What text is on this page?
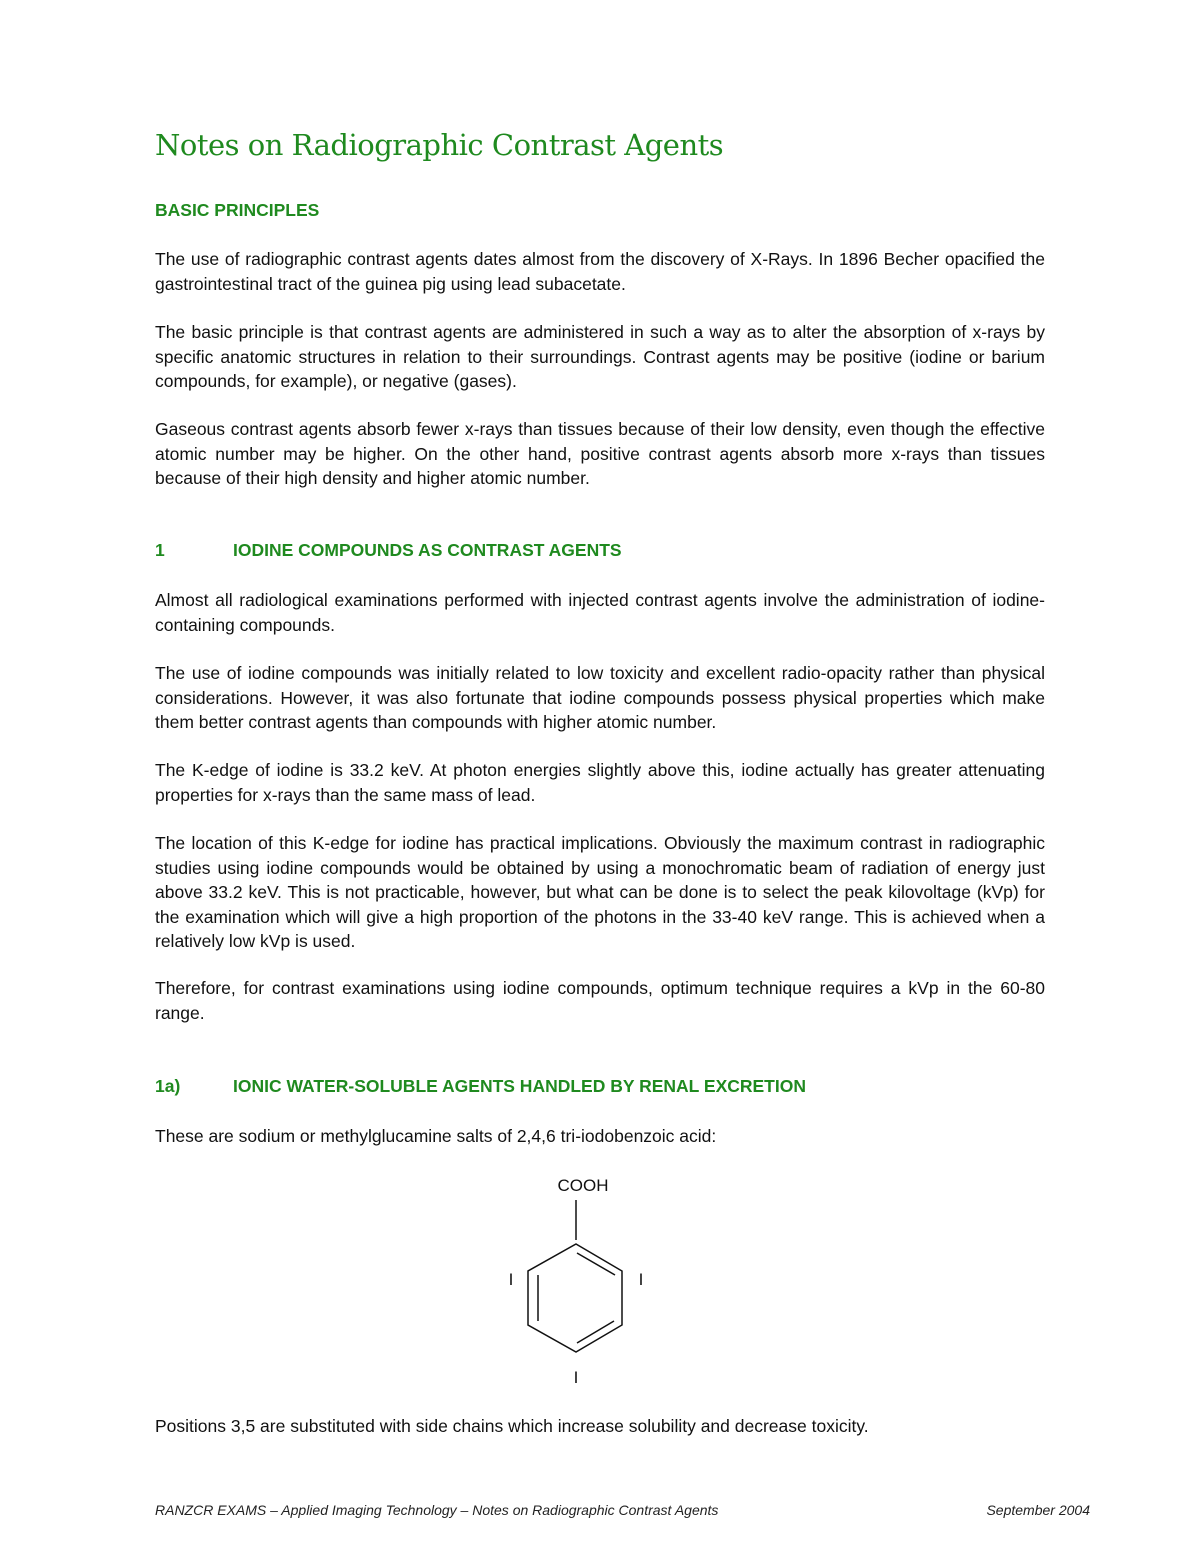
Notes on Radiographic Contrast Agents
BASIC PRINCIPLES

The use of radiographic contrast agents dates almost from the discovery of X-Rays. In 1896 Becher opacified the gastrointestinal tract of the guinea pig using lead subacetate.

The basic principle is that contrast agents are administered in such a way as to alter the absorption of x-rays by specific anatomic structures in relation to their surroundings. Contrast agents may be positive (iodine or barium compounds, for example), or negative (gases).

Gaseous contrast agents absorb fewer x-rays than tissues because of their low density, even though the effective atomic number may be higher. On the other hand, positive contrast agents absorb more x-rays than tissues because of their high density and higher atomic number.

1	IODINE COMPOUNDS AS CONTRAST AGENTS

Almost all radiological examinations performed with injected contrast agents involve the administration of iodine-containing compounds.

The use of iodine compounds was initially related to low toxicity and excellent radio-opacity rather than physical considerations. However, it was also fortunate that iodine compounds possess physical properties which make them better contrast agents than compounds with higher atomic number.

The K-edge of iodine is 33.2 keV. At photon energies slightly above this, iodine actually has greater attenuating properties for x-rays than the same mass of lead.

The location of this K-edge for iodine has practical implications. Obviously the maximum contrast in radiographic studies using iodine compounds would be obtained by using a monochromatic beam of radiation of energy just above 33.2 keV. This is not practicable, however, but what can be done is to select the peak kilovoltage (kVp) for the examination which will give a high proportion of the photons in the 33-40 keV range. This is achieved when a relatively low kVp is used.

Therefore, for contrast examinations using iodine compounds, optimum technique requires a kVp in the 60-80 range.

1a)	IONIC WATER-SOLUBLE AGENTS HANDLED BY RENAL EXCRETION

These are sodium or methylglucamine salts of 2,4,6 tri-iodobenzoic acid:

COOH
I	I
I

Positions 3,5 are substituted with side chains which increase solubility and decrease toxicity.

RANZCR EXAMS – Applied Imaging Technology – Notes on Radiographic Contrast Agents	September 2004
